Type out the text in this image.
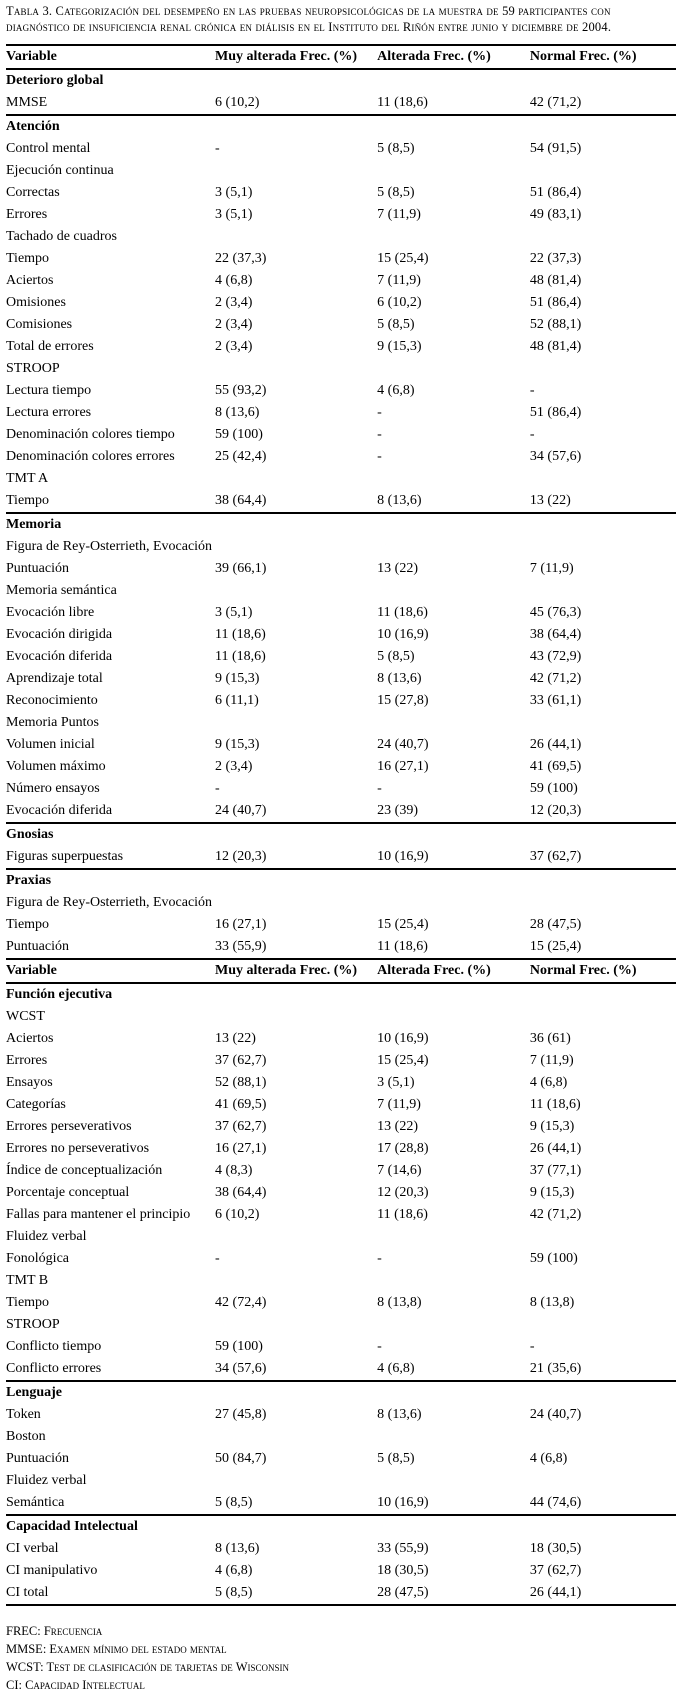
Tabla 3. Categorización del desempeño en las pruebas neuropsicológicas de la muestra de 59 participantes con diagnóstico de insuficiencia renal crónica en diálisis en el Instituto del Riñón entre junio y diciembre de 2004.

Variable	Muy alterada Frec. (%)	Alterada Frec. (%)	Normal Frec. (%)
Deterioro global			
MMSE	6 (10,2)	11 (18,6)	42 (71,2)
Atención			
Control mental	-	5 (8,5)	54 (91,5)
Ejecución continua			
Correctas	3 (5,1)	5 (8,5)	51 (86,4)
Errores	3 (5,1)	7 (11,9)	49 (83,1)
Tachado de cuadros			
Tiempo	22 (37,3)	15 (25,4)	22 (37,3)
Aciertos	4 (6,8)	7 (11,9)	48 (81,4)
Omisiones	2 (3,4)	6 (10,2)	51 (86,4)
Comisiones	2 (3,4)	5 (8,5)	52 (88,1)
Total de errores	2 (3,4)	9 (15,3)	48 (81,4)
STROOP			
Lectura tiempo	55 (93,2)	4 (6,8)	-
Lectura errores	8 (13,6)	-	51 (86,4)
Denominación colores tiempo	59 (100)	-	-
Denominación colores errores	25 (42,4)	-	34 (57,6)
TMT A			
Tiempo	38 (64,4)	8 (13,6)	13 (22)
Memoria			
Figura de Rey-Osterrieth, Evocación			
Puntuación	39 (66,1)	13 (22)	7 (11,9)
Memoria semántica			
Evocación libre	3 (5,1)	11 (18,6)	45 (76,3)
Evocación dirigida	11 (18,6)	10 (16,9)	38 (64,4)
Evocación diferida	11 (18,6)	5 (8,5)	43 (72,9)
Aprendizaje total	9 (15,3)	8 (13,6)	42 (71,2)
Reconocimiento	6 (11,1)	15 (27,8)	33 (61,1)
Memoria Puntos			
Volumen inicial	9 (15,3)	24 (40,7)	26 (44,1)
Volumen máximo	2 (3,4)	16 (27,1)	41 (69,5)
Número ensayos	-	-	59 (100)
Evocación diferida	24 (40,7)	23 (39)	12 (20,3)
Gnosias			
Figuras superpuestas	12 (20,3)	10 (16,9)	37 (62,7)
Praxias			
Figura de Rey-Osterrieth, Evocación			
Tiempo	16 (27,1)	15 (25,4)	28 (47,5)
Puntuación	33 (55,9)	11 (18,6)	15 (25,4)
Variable	Muy alterada Frec. (%)	Alterada Frec. (%)	Normal Frec. (%)
Función ejecutiva			
WCST			
Aciertos	13 (22)	10 (16,9)	36 (61)
Errores	37 (62,7)	15 (25,4)	7 (11,9)
Ensayos	52 (88,1)	3 (5,1)	4 (6,8)
Categorías	41 (69,5)	7 (11,9)	11 (18,6)
Errores perseverativos	37 (62,7)	13 (22)	9 (15,3)
Errores no perseverativos	16 (27,1)	17 (28,8)	26 (44,1)
Índice de conceptualización	4 (8,3)	7 (14,6)	37 (77,1)
Porcentaje conceptual	38 (64,4)	12 (20,3)	9 (15,3)
Fallas para mantener el principio	6 (10,2)	11 (18,6)	42 (71,2)
Fluidez verbal			
Fonológica	-	-	59 (100)
TMT B			
Tiempo	42 (72,4)	8 (13,8)	8 (13,8)
STROOP			
Conflicto tiempo	59 (100)	-	-
Conflicto errores	34 (57,6)	4 (6,8)	21 (35,6)
Lenguaje			
Token	27 (45,8)	8 (13,6)	24 (40,7)
Boston			
Puntuación	50 (84,7)	5 (8,5)	4 (6,8)
Fluidez verbal			
Semántica	5 (8,5)	10 (16,9)	44 (74,6)
Capacidad Intelectual			
CI verbal	8 (13,6)	33 (55,9)	18 (30,5)
CI manipulativo	4 (6,8)	18 (30,5)	37 (62,7)
CI total	5 (8,5)	28 (47,5)	26 (44,1)
FREC: Frecuencia
MMSE: Examen mínimo del estado mental
WCST: Test de clasificación de tarjetas de Wisconsin
CI: Capacidad Intelectual
